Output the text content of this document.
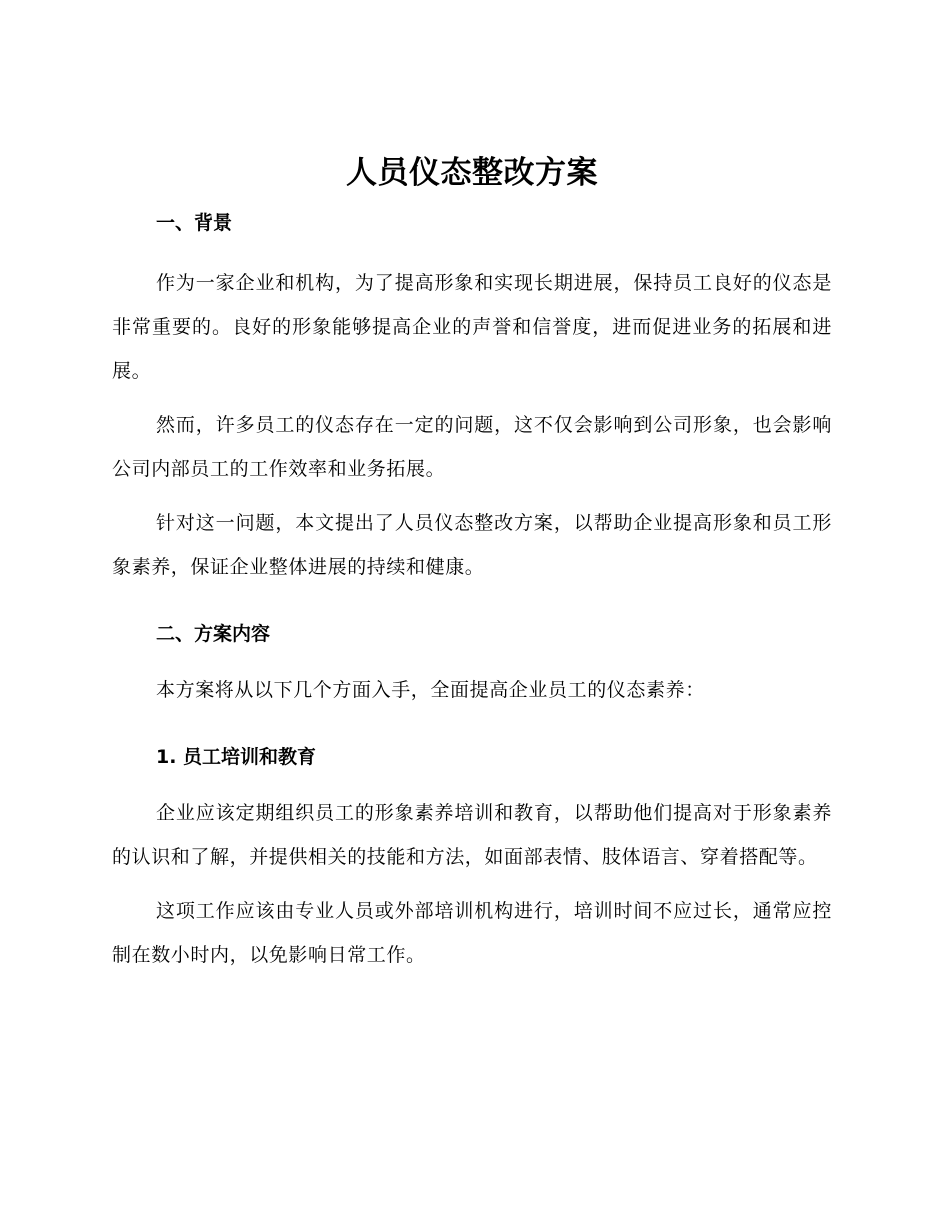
人员仪态整改方案
一、背景

作为一家企业和机构，为了提高形象和实现长期进展，保持员工良好的仪态是非常重要的。良好的形象能够提高企业的声誉和信誉度，进而促进业务的拓展和进展。

然而，许多员工的仪态存在一定的问题，这不仅会影响到公司形象，也会影响公司内部员工的工作效率和业务拓展。

针对这一问题，本文提出了人员仪态整改方案，以帮助企业提高形象和员工形象素养，保证企业整体进展的持续和健康。

二、方案内容

本方案将从以下几个方面入手，全面提高企业员工的仪态素养：

1. 员工培训和教育

企业应该定期组织员工的形象素养培训和教育，以帮助他们提高对于形象素养的认识和了解，并提供相关的技能和方法，如面部表情、肢体语言、穿着搭配等。

这项工作应该由专业人员或外部培训机构进行，培训时间不应过长，通常应控制在数小时内，以免影响日常工作。
